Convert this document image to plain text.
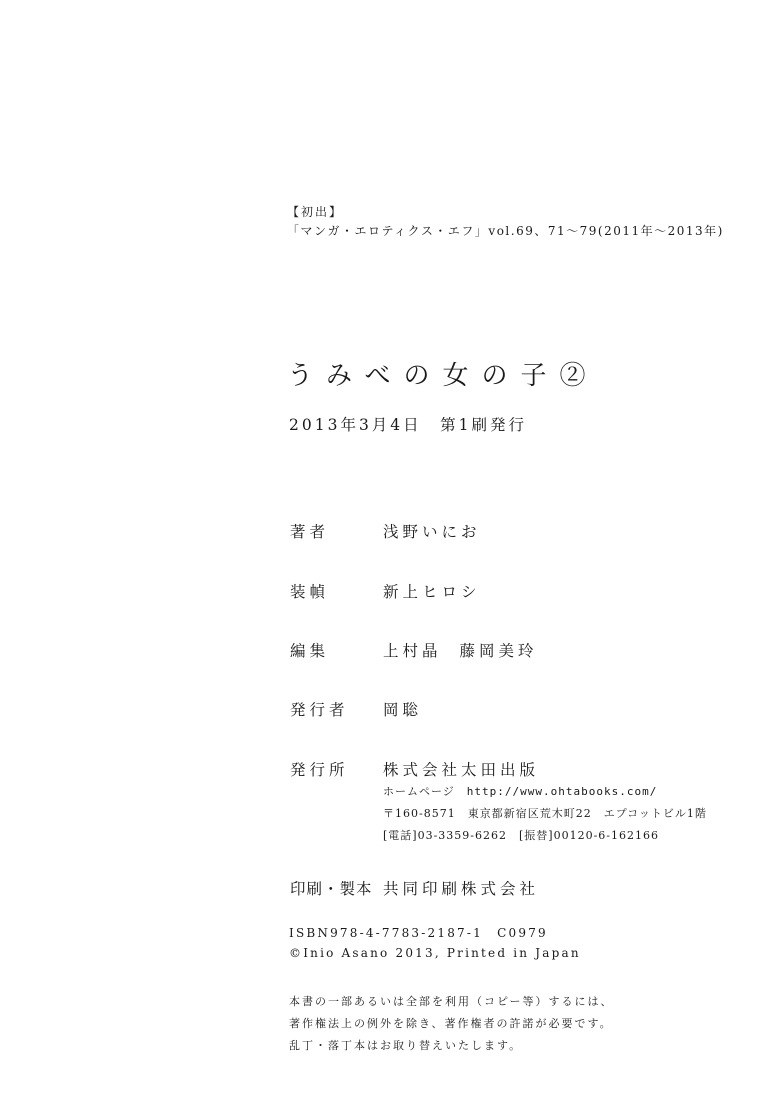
【初出】
「マンガ・エロティクス・エフ」vol.69、71～79(2011年～2013年)
うみべの女の子②
2013年3月4日　第1刷発行
著者	浅野いにお
装幀	新上ヒロシ
編集	上村晶 藤岡美玲
発行者 岡聡
発行所 株式会社太田出版
ホームページ http://www.ohtabooks.com/
〒160-8571　東京都新宿区荒木町22　エプコットビル1階
[電話]03-3359-6262 [振替]00120-6-162166
印刷・製本 共同印刷株式会社
ISBN978-4-7783-2187-1　C0979
©Inio Asano 2013, Printed in Japan
本書の一部あるいは全部を利用（コピー等）するには、
著作権法上の例外を除き、著作権者の許諾が必要です。
乱丁・落丁本はお取り替えいたします。
